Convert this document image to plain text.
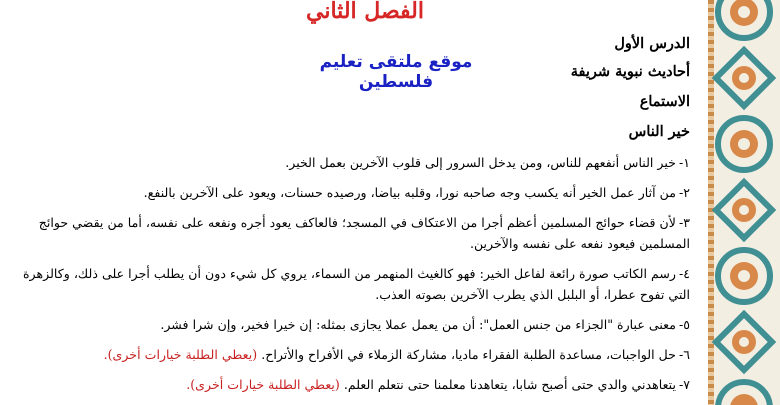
الفصل الثاني
موقع ملتقى تعليم فلسطين
الدرس الأول
أحاديث نبوية شريفة
الاستماع
خير الناس
١-خير الناس أنفعهم للناس، ومن يدخل السرور إلى قلوب الآخرين بعمل الخير.
٢-من آثار عمل الخير أنه يكسب وجه صاحبه نورا، وقلبه بياضا، ورصيده حسنات، ويعود على الآخرين بالنفع.
٣-لأن قضاء حوائج المسلمين أعظم أجرا من الاعتكاف في المسجد؛ فالعاكف يعود أجره ونفعه على نفسه، أما من يقضي حوائج المسلمين فيعود نفعه على نفسه والآخرين.
٤-رسم الكاتب صورة رائعة لفاعل الخير: فهو كالغيث المنهمر من السماء، يروي كل شيء دون أن يطلب أجرا على ذلك، وكالزهرة التي تفوح عطرا، أو البلبل الذي يطرب الآخرين بصوته العذب.
٥-معنى عبارة "الجزاء من جنس العمل": أن من يعمل عملا يجازى بمثله: إن خيرا فخير، وإن شرا فشر.
٦-حل الواجبات، مساعدة الطلبة الفقراء ماديا، مشاركة الزملاء في الأفراح والأتراح. (يعطي الطلبة خيارات أخرى).
٧-يتعاهدني والدي حتى أصبح شابا، يتعاهدنا معلمنا حتى نتعلم العلم. (يعطي الطلبة خيارات أخرى).
